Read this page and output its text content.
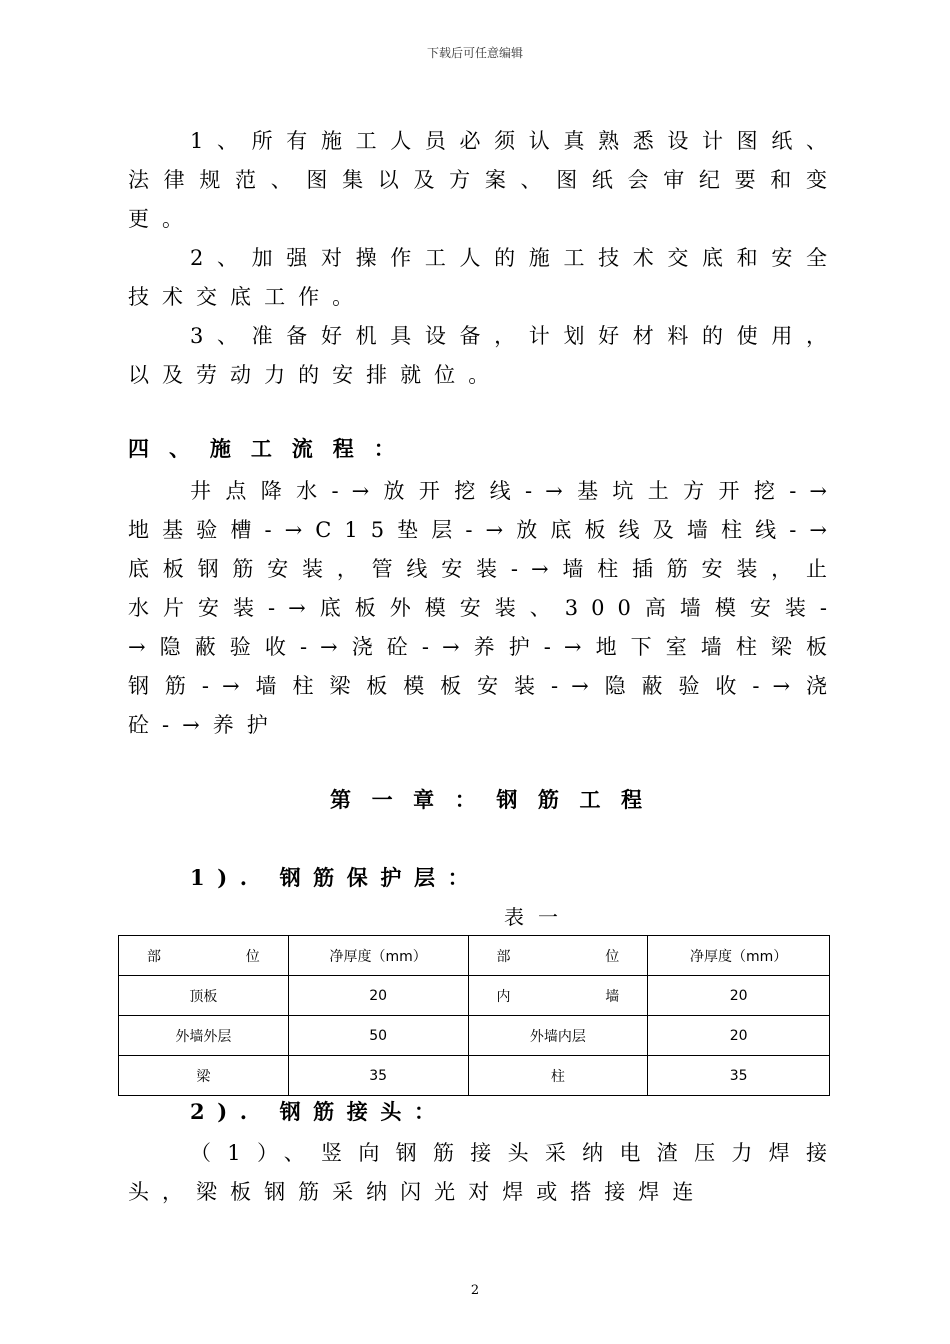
下载后可任意编辑
1、所有施工人员必须认真熟悉设计图纸、法律规范、图集以及方案、图纸会审纪要和变更。
2、加强对操作工人的施工技术交底和安全技术交底工作。
3、准备好机具设备，计划好材料的使用，以及劳动力的安排就位。
四、施工流程：
井点降水-→放开挖线-→基坑土方开挖-→地基验槽-→C15垫层-→放底板线及墙柱线-→底板钢筋安装，管线安装-→墙柱插筋安装，止水片安装-→底板外模安装、300高墙模安装-→隐蔽验收-→浇砼-→养护-→地下室墙柱梁板钢筋-→墙柱梁板模板安装-→隐蔽验收-→浇砼-→养护
第一章：钢筋工程
1). 钢筋保护层：
表一
部位	净厚度（mm）	部位	净厚度（mm）
顶板	20	内墙	20
外墙外层	50	外墙内层	20
梁	35	柱	35
2). 钢筋接头：
（1）、竖向钢筋接头采纳电渣压力焊接头，梁板钢筋采纳闪光对焊或搭接焊连
2
